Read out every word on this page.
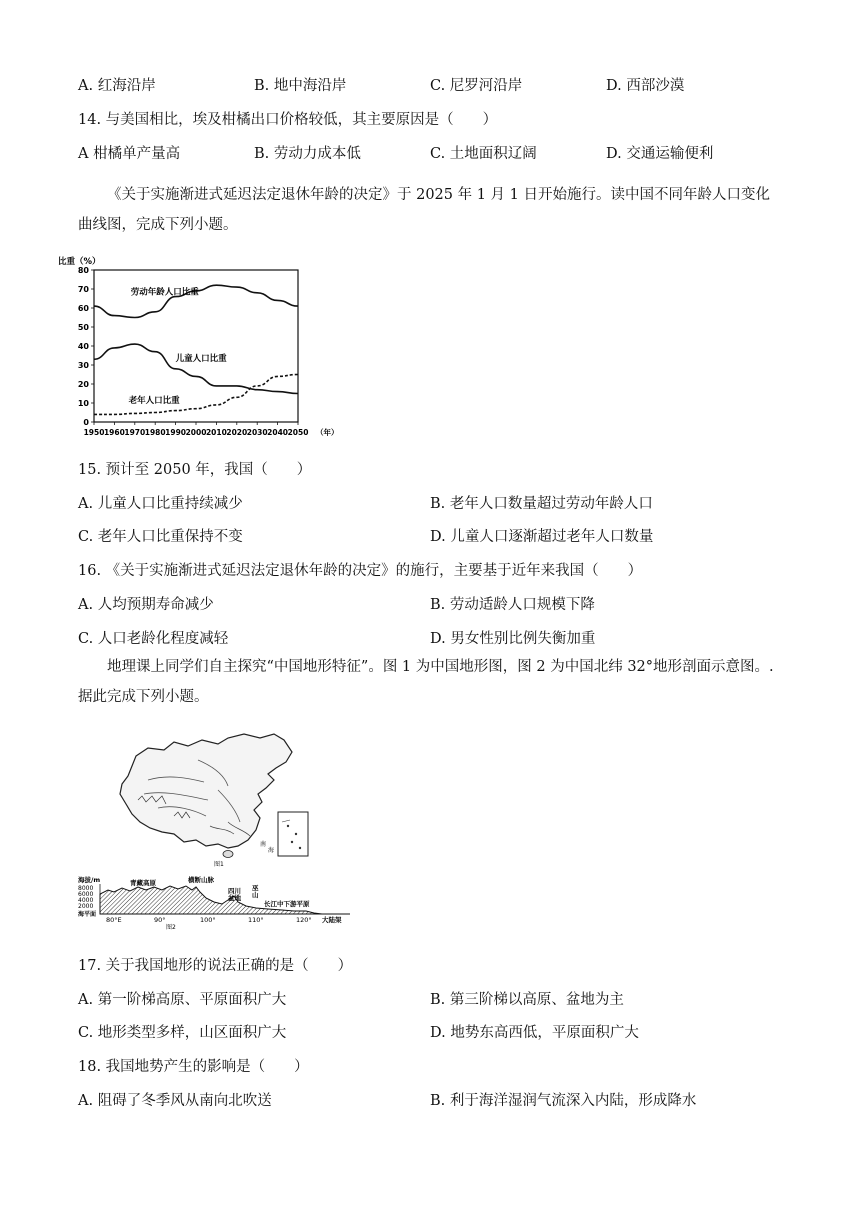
A. 红海沿岸	B. 地中海沿岸	C. 尼罗河沿岸	D. 西部沙漠
14. 与美国相比，埃及柑橘出口价格较低，其主要原因是（　　）
A 柑橘单产量高	B. 劳动力成本低	C. 土地面积辽阔	D. 交通运输便利
《关于实施渐进式延迟法定退休年龄的决定》于 2025 年 1 月 1 日开始施行。读中国不同年龄人口变化曲线图，完成下列小题。
比重（%）
0
10
20
30
40
50
60
70
80
1950 1960 1970 1980 1990 2000 2010 2020 2030 2040 2050 （年）
劳动年龄人口比重
儿童人口比重
老年人口比重
15. 预计至 2050 年，我国（　　）
A. 儿童人口比重持续减少	B. 老年人口数量超过劳动年龄人口
C. 老年人口比重保持不变	D. 儿童人口逐渐超过老年人口数量
16. 《关于实施渐进式延迟法定退休年龄的决定》的施行，主要基于近年来我国（　　）
A. 人均预期寿命减少	B. 劳动适龄人口规模下降
C. 人口老龄化程度减轻	D. 男女性别比例失衡加重
地理课上同学们自主探究“中国地形特征”。图 1 为中国地形图，图 2 为中国北纬 32°地形剖面示意图。.据此完成下列小题。
南
海
图1
海拔/m
8000
6000
4000
2000
海平面
青藏高原	横断山脉
四川
盆地
巫
山
长江中下游平原
大陆架
80°E	90°	100°	110°	120°
图2
17. 关于我国地形的说法正确的是（　　）
A. 第一阶梯高原、平原面积广大	B. 第三阶梯以高原、盆地为主
C. 地形类型多样，山区面积广大	D. 地势东高西低，平原面积广大
18. 我国地势产生的影响是（　　）
A. 阻碍了冬季风从南向北吹送	B. 利于海洋湿润气流深入内陆，形成降水
